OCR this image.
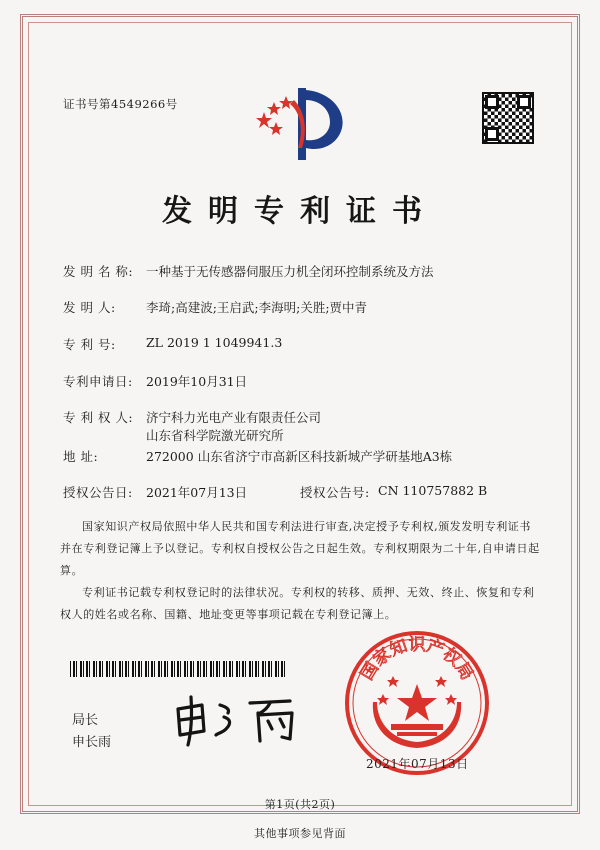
证书号第4549266号
发明专利证书
发 明 名 称: 一种基于无传感器伺服压力机全闭环控制系统及方法
发 明 人: 李琦;高建波;王启武;李海明;关胜;贾中青
专 利 号: ZL 2019 1 1049941.3
专利申请日: 2019年10月31日
专 利 权 人: 济宁科力光电产业有限责任公司
山东省科学院激光研究所
地 址:	272000 山东省济宁市高新区科技新城产学研基地A3栋
授权公告日: 2021年07月13日	授权公告号: CN 110757882 B
国家知识产权局依照中华人民共和国专利法进行审查,决定授予专利权,颁发发明专利证书并在专利登记簿上予以登记。专利权自授权公告之日起生效。专利权期限为二十年,自申请日起算。
专利证书记载专利权登记时的法律状况。专利权的转移、质押、无效、终止、恢复和专利权人的姓名或名称、国籍、地址变更等事项记载在专利登记簿上。
局长
申长雨
国家知识产权局
2021年07月13日
第1页(共2页)
其他事项参见背面
